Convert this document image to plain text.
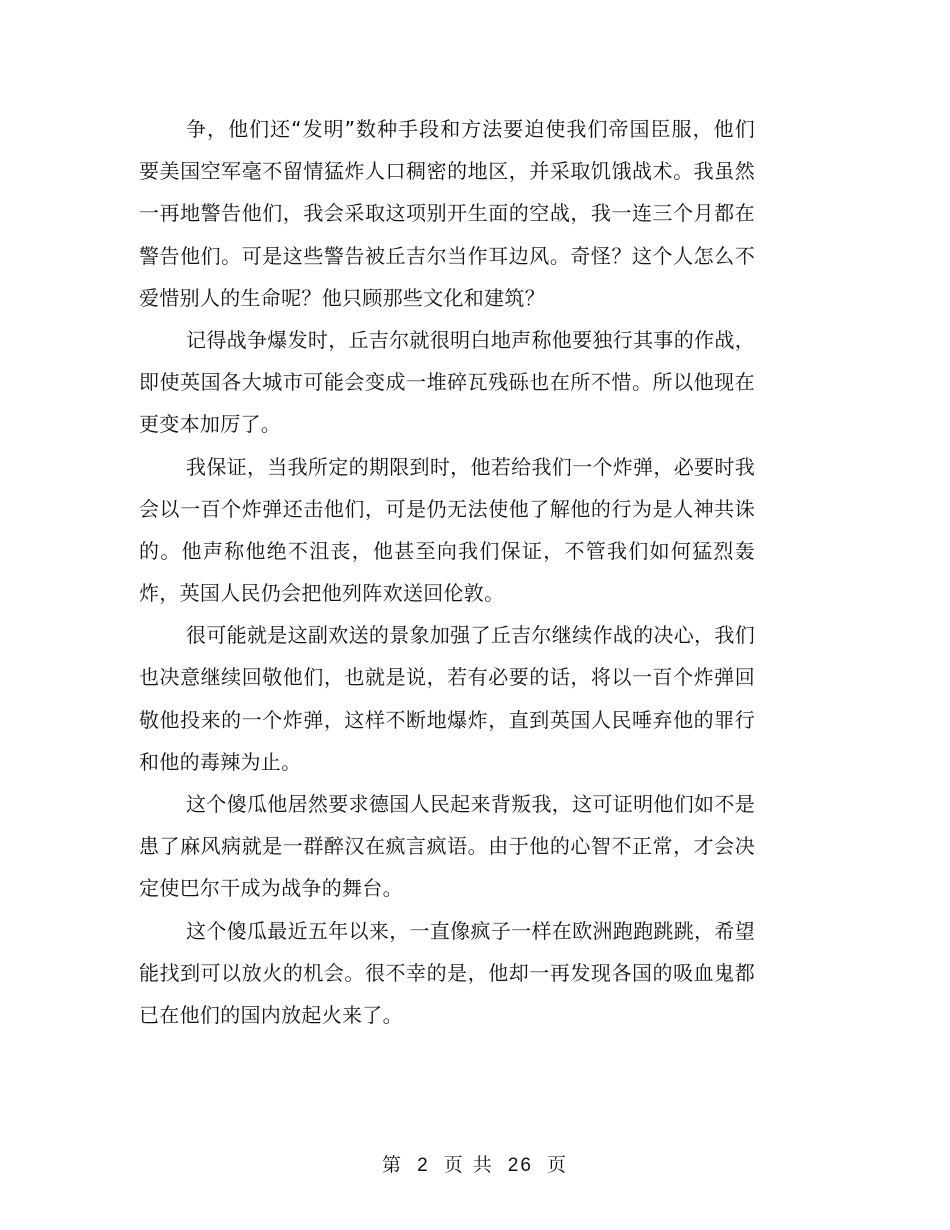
争，他们还“发明”数种手段和方法要迫使我们帝国臣服，他们
要美国空军毫不留情猛炸人口稠密的地区，并采取饥饿战术。我虽然
一再地警告他们，我会采取这项别开生面的空战，我一连三个月都在
警告他们。可是这些警告被丘吉尔当作耳边风。奇怪？这个人怎么不
爱惜别人的生命呢？他只顾那些文化和建筑？
记得战争爆发时，丘吉尔就很明白地声称他要独行其事的作战，
即使英国各大城市可能会变成一堆碎瓦残砾也在所不惜。所以他现在
更变本加厉了。
我保证，当我所定的期限到时，他若给我们一个炸弹，必要时我
会以一百个炸弹还击他们，可是仍无法使他了解他的行为是人神共诛
的。他声称他绝不沮丧，他甚至向我们保证，不管我们如何猛烈轰
炸，英国人民仍会把他列阵欢送回伦敦。
很可能就是这副欢送的景象加强了丘吉尔继续作战的决心，我们
也决意继续回敬他们，也就是说，若有必要的话，将以一百个炸弹回
敬他投来的一个炸弹，这样不断地爆炸，直到英国人民唾弃他的罪行
和他的毒辣为止。
这个傻瓜他居然要求德国人民起来背叛我，这可证明他们如不是
患了麻风病就是一群醉汉在疯言疯语。由于他的心智不正常，才会决
定使巴尔干成为战争的舞台。
这个傻瓜最近五年以来，一直像疯子一样在欧洲跑跑跳跳，希望
能找到可以放火的机会。很不幸的是，他却一再发现各国的吸血鬼都
已在他们的国内放起火来了。
第 2 页 共 26 页
